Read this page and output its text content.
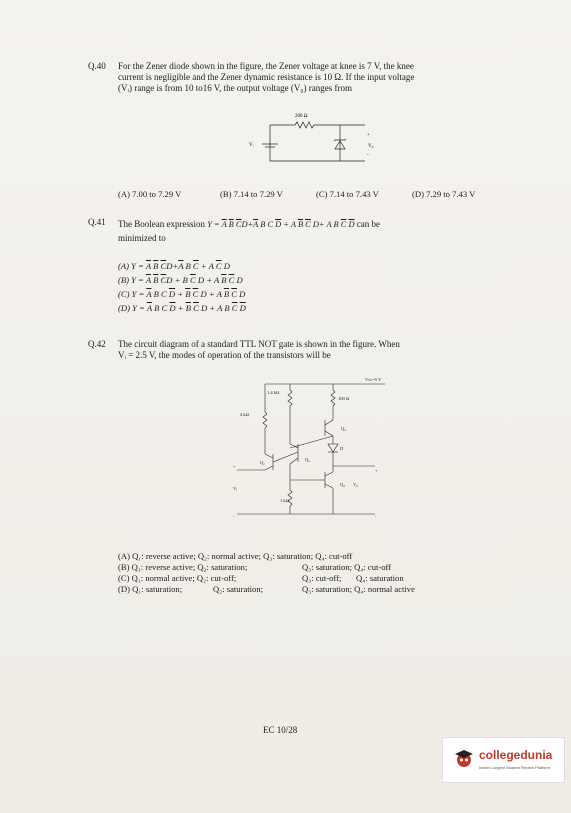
Q.40 For the Zener diode shown in the figure, the Zener voltage at knee is 7 V, the knee
current is negligible and the Zener dynamic resistance is 10 Ω. If the input voltage
(Vᵢ) range is from 10 to16 V, the output voltage (V₀) ranges from
200 Ω
Vᵢ
+
-
V₀
(A) 7.00 to 7.29 V	(B) 7.14 to 7.29 V	(C) 7.14 to 7.43 V	(D) 7.29 to 7.43 V
Q.41 The Boolean expression $Y = \overline{A}$ $\overline{B}$ $\overline{C}D+\overline{A}$ B C $\overline{D} + A$ $\overline{B}$ $\overline{C}$ D+ A B $\overline{C}$ $\overline{D}$ can be
minimized to
(A) $Y = \overline{A}$ $\overline{B}$ $\overline{C}D+\overline{A}$ B $\overline{C} + A$ $\overline{C}$ D
(B) $Y = \overline{A}$ $\overline{B}$ $\overline{C}D + B$ $\overline{C}$ D + A $\overline{B}$ $\overline{C}$ D
(C) $Y = \overline{A}$ B C $\overline{D} + \overline{B}$ $\overline{C}$ D + A $\overline{B}$ $\overline{C}$ D
(D) $Y = \overline{A}$ B C $\overline{D} + \overline{B}$ $\overline{C}$ D + A B $\overline{C}$ $\overline{D}$
Q.42 The circuit diagram of a standard TTL NOT gate is shown in the figure. When
Vᵢ = 2.5 V, the modes of operation of the transistors will be
Vcc=5 V
1.4 kΩ
100 Ω
4 kΩ
1 kΩ
Q₁
Q₂
Q₃
Q₄
D
V₀
Vᵢ
+
-
+
-
(A) Q₁: reverse active; Q₂: normal active; Q₃: saturation; Q₄: cut-off
(B) Q₁: reverse active; Q₂: saturation;	Q₃: saturation; Q₄: cut-off
(C) Q₁: normal active; Q₂: cut-off;	Q₃: cut-off; Q₄: saturation
(D) Q₁: saturation;	Q₂: saturation;	Q₃: saturation; Q₄: normal active
EC 10/28
collegedunia
India's Largest Student Review Platform
